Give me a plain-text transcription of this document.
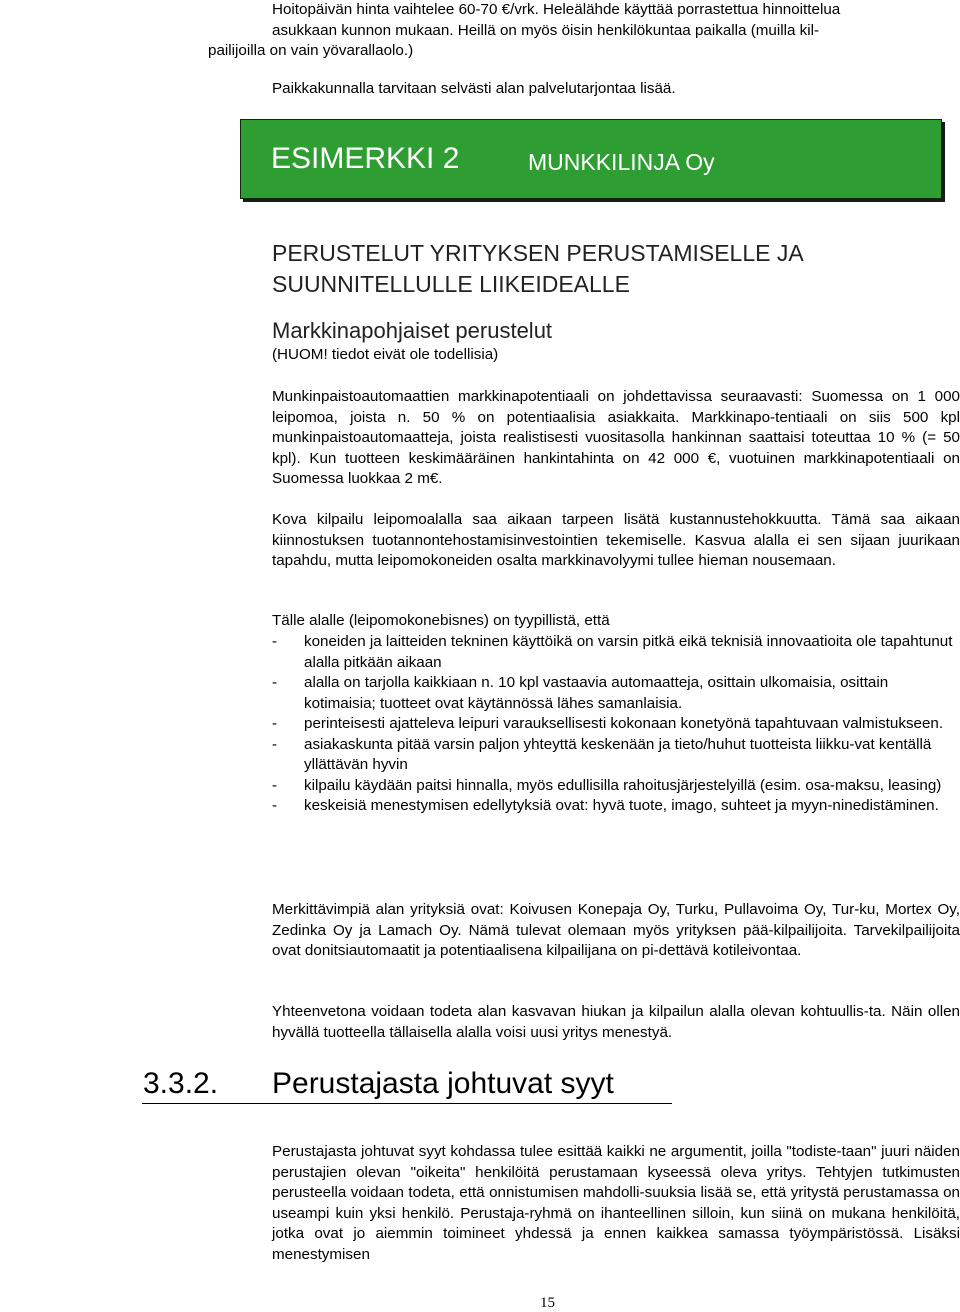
Hoitopäivän hinta vaihtelee 60-70 €/vrk. Heleälähde käyttää porrastettua hinnoittelua
asukkaan kunnon mukaan. Heillä on myös öisin henkilökuntaa paikalla (muilla kil-
pailijoilla on vain yövarallaolo.)
Paikkakunnalla tarvitaan selvästi alan palvelutarjontaa lisää.
ESIMERKKI 2	MUNKKILINJA Oy
PERUSTELUT YRITYKSEN PERUSTAMISELLE JA SUUNNITELLULLE LIIKEIDEALLE
Markkinapohjaiset perustelut
(HUOM! tiedot eivät ole todellisia)
Munkinpaistoautomaattien markkinapotentiaali on johdettavissa seuraavasti: Suomessa on 1 000 leipomoa, joista n. 50 % on potentiaalisia asiakkaita. Markkinapo-tentiaali on siis 500 kpl munkinpaistoautomaatteja, joista realistisesti vuositasolla hankinnan saattaisi toteuttaa 10 % (= 50 kpl). Kun tuotteen keskimääräinen hankintahinta on 42 000 €, vuotuinen markkinapotentiaali on Suomessa luokkaa 2 m€.
Kova kilpailu leipomoalalla saa aikaan tarpeen lisätä kustannustehokkuutta. Tämä saa aikaan kiinnostuksen tuotannontehostamisinvestointien tekemiselle. Kasvua alalla ei sen sijaan juurikaan tapahdu, mutta leipomokoneiden osalta markkinavolyymi tullee hieman nousemaan.
Tälle alalle (leipomokonebisnes) on tyypillistä, että
- koneiden ja laitteiden tekninen käyttöikä on varsin pitkä eikä teknisiä innovaatioita ole tapahtunut alalla pitkään aikaan
- alalla on tarjolla kaikkiaan n. 10 kpl vastaavia automaatteja, osittain ulkomaisia, osittain kotimaisia; tuotteet ovat käytännössä lähes samanlaisia.
- perinteisesti ajatteleva leipuri varauksellisesti kokonaan konetyönä tapahtuvaan valmistukseen.
- asiakaskunta pitää varsin paljon yhteyttä keskenään ja tieto/huhut tuotteista liikku-vat kentällä yllättävän hyvin
- kilpailu käydään paitsi hinnalla, myös edullisilla rahoitusjärjestelyillä (esim. osa-maksu, leasing)
- keskeisiä menestymisen edellytyksiä ovat: hyvä tuote, imago, suhteet ja myyn-ninedistäminen.
Merkittävimpiä alan yrityksiä ovat: Koivusen Konepaja Oy, Turku, Pullavoima Oy, Tur-ku, Mortex Oy, Zedinka Oy ja Lamach Oy. Nämä tulevat olemaan myös yrityksen pää-kilpailijoita. Tarvekilpailijoita ovat donitsiautomaatit ja potentiaalisena kilpailijana on pi-dettävä kotileivontaa.
Yhteenvetona voidaan todeta alan kasvavan hiukan ja kilpailun alalla olevan kohtuullis-ta. Näin ollen hyvällä tuotteella tällaisella alalla voisi uusi yritys menestyä.
3.3.2. Perustajasta johtuvat syyt
Perustajasta johtuvat syyt kohdassa tulee esittää kaikki ne argumentit, joilla "todiste-taan" juuri näiden perustajien olevan "oikeita" henkilöitä perustamaan kyseessä oleva yritys. Tehtyjen tutkimusten perusteella voidaan todeta, että onnistumisen mahdolli-suuksia lisää se, että yritystä perustamassa on useampi kuin yksi henkilö. Perustaja-ryhmä on ihanteellinen silloin, kun siinä on mukana henkilöitä, jotka ovat jo aiemmin toimineet yhdessä ja ennen kaikkea samassa työympäristössä. Lisäksi menestymisen
15
